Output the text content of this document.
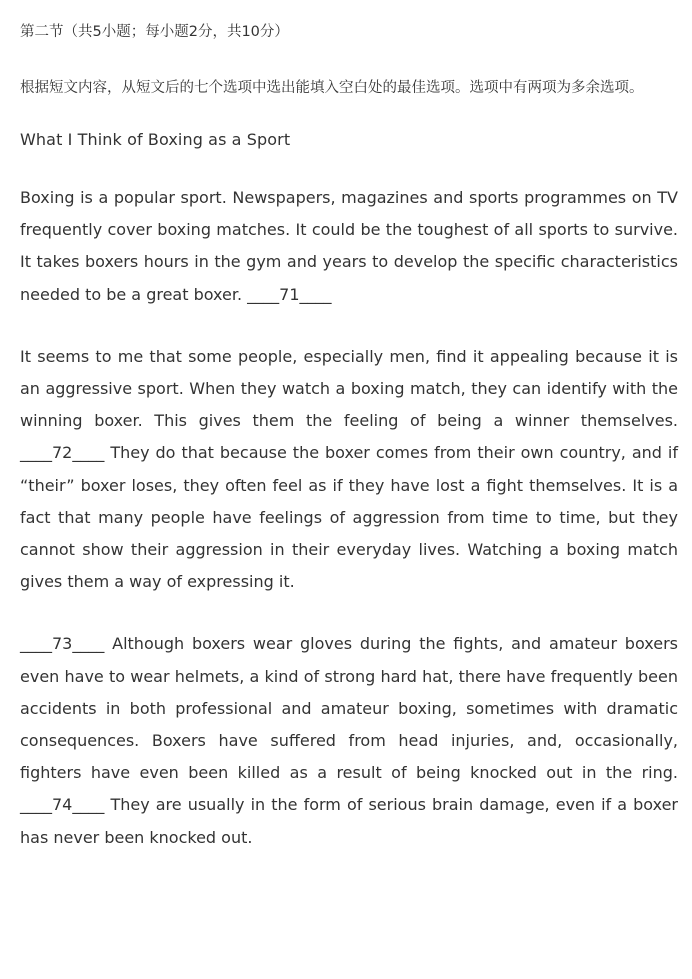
第二节（共5小题；每小题2分，共10分）
根据短文内容，从短文后的七个选项中选出能填入空白处的最佳选项。选项中有两项为多余选项。
What I Think of Boxing as a Sport

Boxing is a popular sport. Newspapers, magazines and sports programmes on TV frequently cover boxing matches. It could be the toughest of all sports to survive. It takes boxers hours in the gym and years to develop the specific characteristics needed to be a great boxer. ____71____

It seems to me that some people, especially men, find it appealing because it is an aggressive sport. When they watch a boxing match, they can identify with the winning boxer. This gives them the feeling of being a winner themselves. ____72____ They do that because the boxer comes from their own country, and if “their” boxer loses, they often feel as if they have lost a fight themselves. It is a fact that many people have feelings of aggression from time to time, but they cannot show their aggression in their everyday lives. Watching a boxing match gives them a way of expressing it.

____73____ Although boxers wear gloves during the fights, and amateur boxers even have to wear helmets, a kind of strong hard hat, there have frequently been accidents in both professional and amateur boxing, sometimes with dramatic consequences. Boxers have suffered from head injuries, and, occasionally, fighters have even been killed as a result of being knocked out in the ring. ____74____ They are usually in the form of serious brain damage, even if a boxer has never been knocked out.
